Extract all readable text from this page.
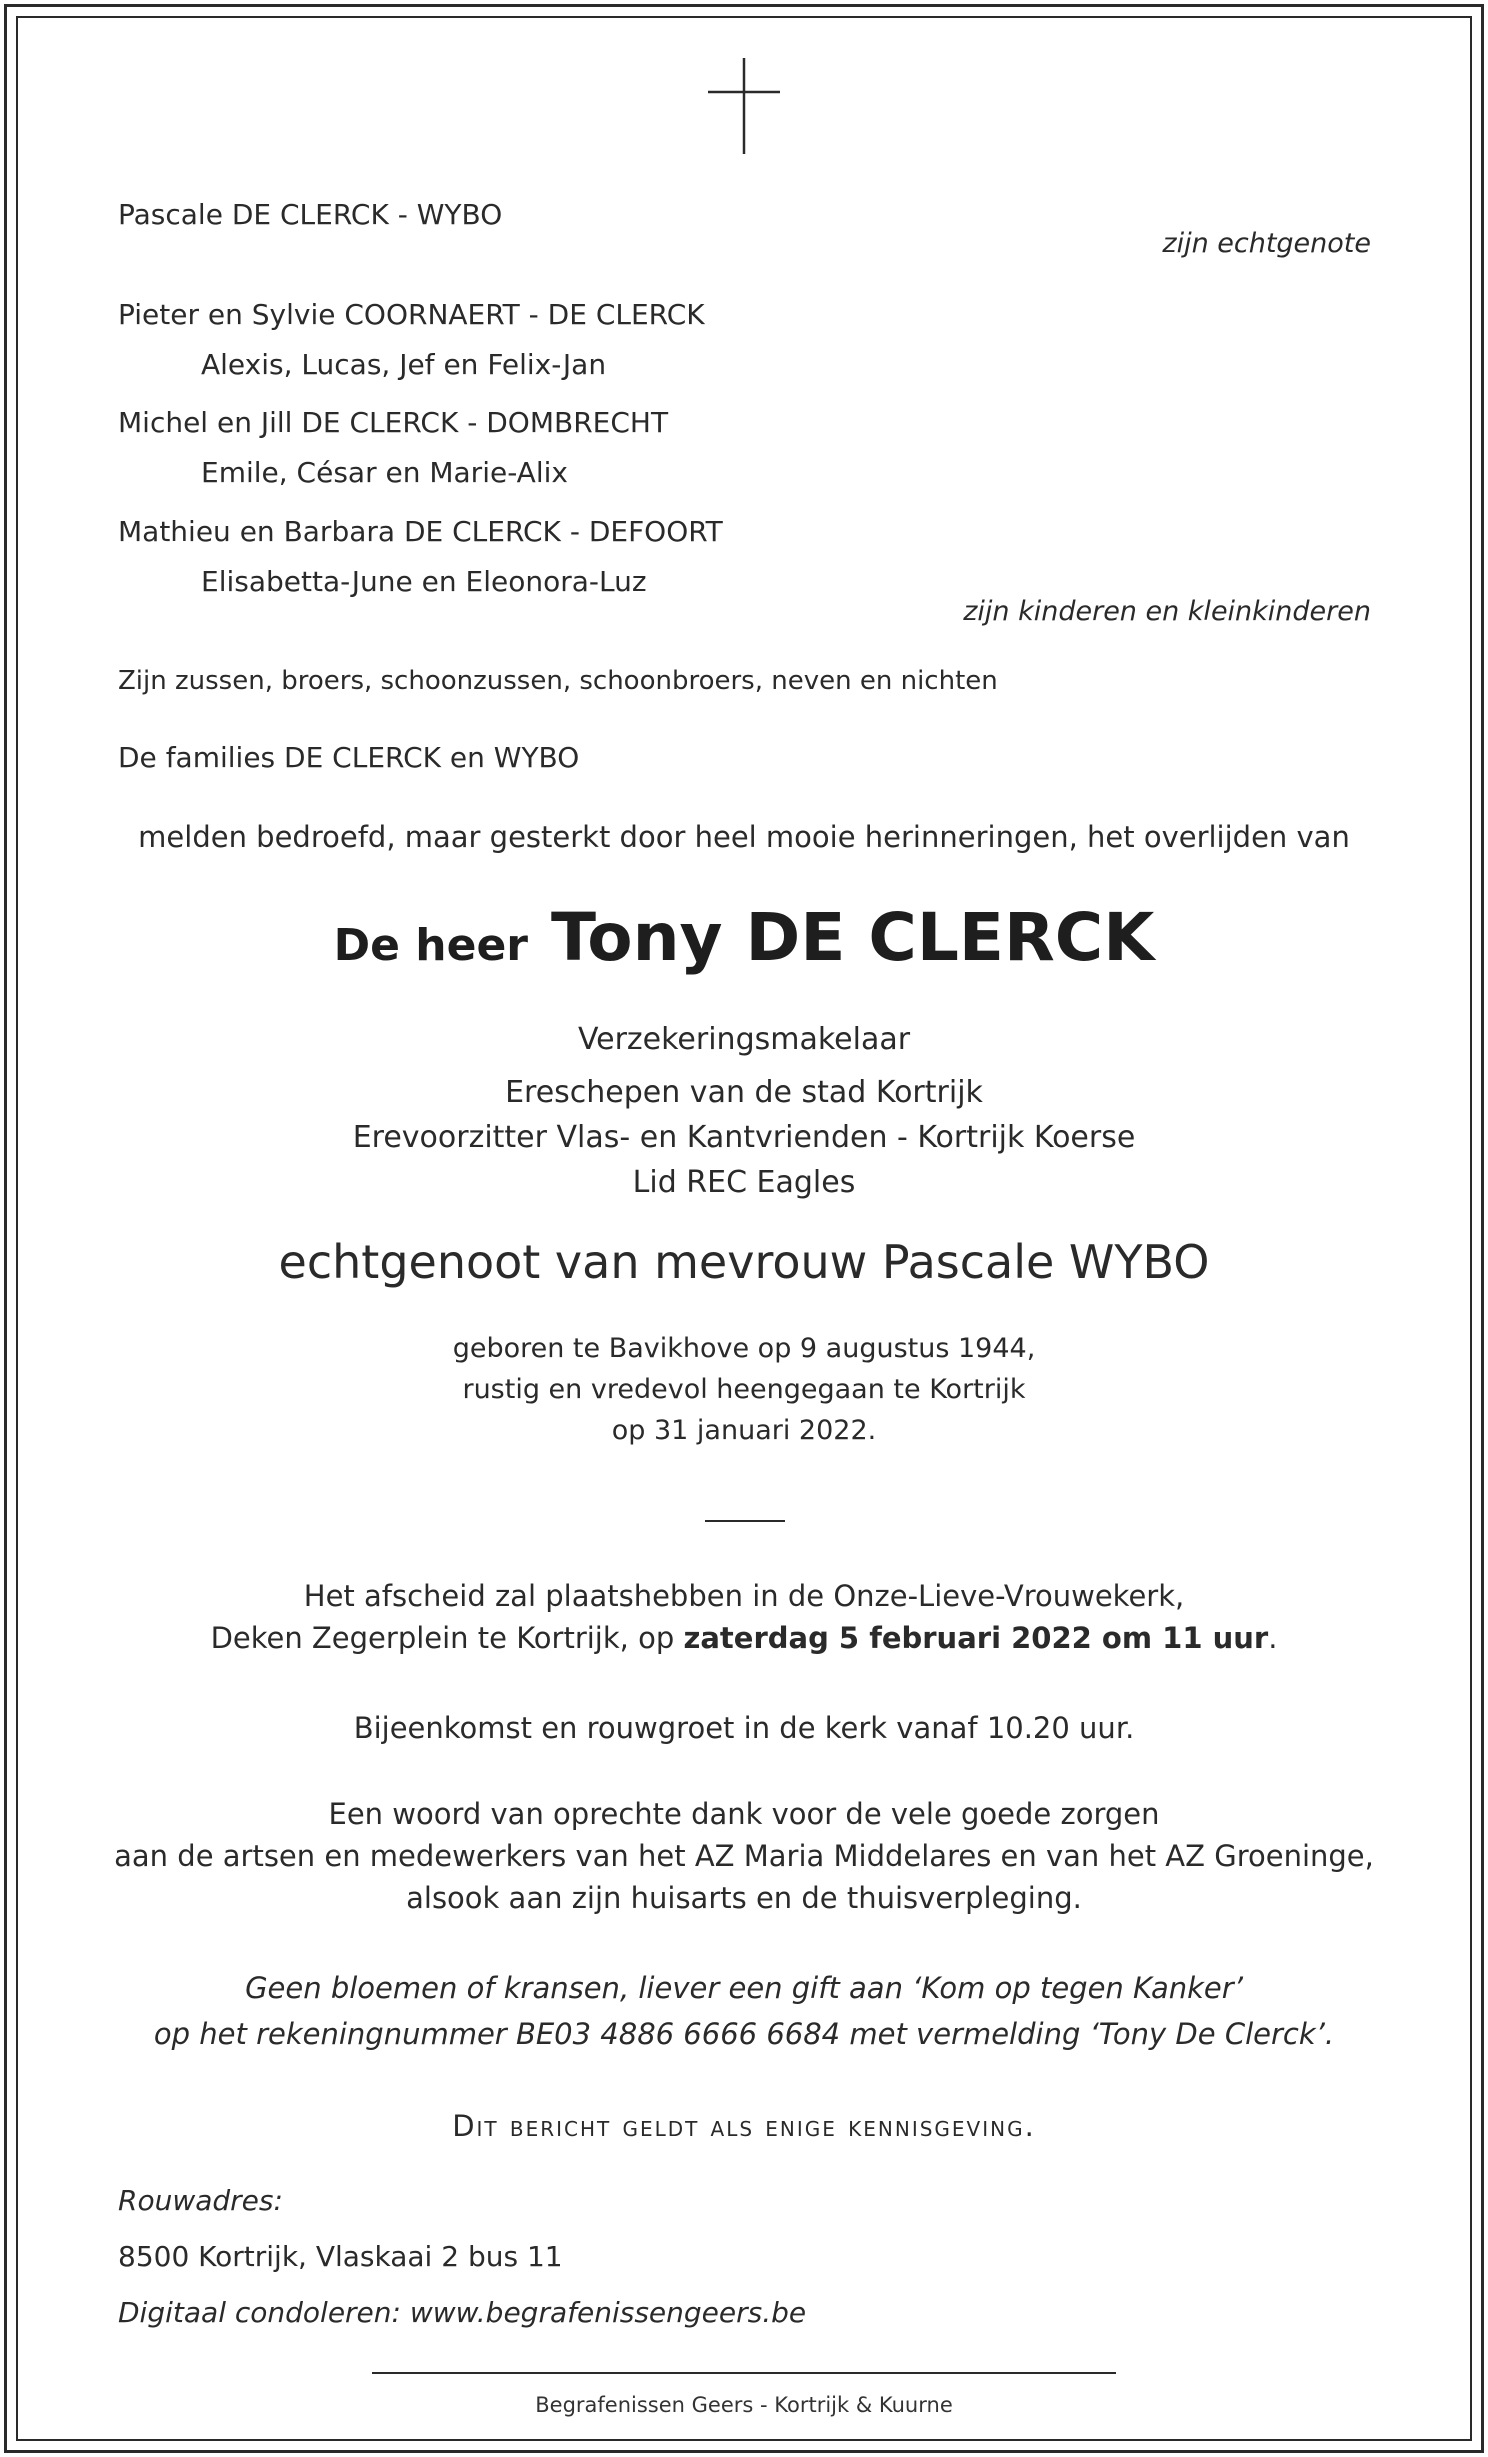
Pascale DE CLERCK - WYBO
zijn echtgenote
Pieter en Sylvie COORNAERT - DE CLERCK
Alexis, Lucas, Jef en Felix-Jan
Michel en Jill DE CLERCK - DOMBRECHT
Emile, César en Marie-Alix
Mathieu en Barbara DE CLERCK - DEFOORT
Elisabetta-June en Eleonora-Luz
zijn kinderen en kleinkinderen
Zijn zussen, broers, schoonzussen, schoonbroers, neven en nichten
De families DE CLERCK en WYBO
melden bedroefd, maar gesterkt door heel mooie herinneringen, het overlijden van
De heer Tony DE CLERCK
Verzekeringsmakelaar
Ereschepen van de stad Kortrijk
Erevoorzitter Vlas- en Kantvrienden - Kortrijk Koerse
Lid REC Eagles
echtgenoot van mevrouw Pascale WYBO
geboren te Bavikhove op 9 augustus 1944,
rustig en vredevol heengegaan te Kortrijk
op 31 januari 2022.
Het afscheid zal plaatshebben in de Onze-Lieve-Vrouwekerk,
Deken Zegerplein te Kortrijk, op zaterdag 5 februari 2022 om 11 uur.
Bijeenkomst en rouwgroet in de kerk vanaf 10.20 uur.
Een woord van oprechte dank voor de vele goede zorgen
aan de artsen en medewerkers van het AZ Maria Middelares en van het AZ Groeninge,
alsook aan zijn huisarts en de thuisverpleging.
Geen bloemen of kransen, liever een gift aan ‘Kom op tegen Kanker’
op het rekeningnummer BE03 4886 6666 6684 met vermelding ‘Tony De Clerck’.
Dit bericht geldt als enige kennisgeving.
Rouwadres:
8500 Kortrijk, Vlaskaai 2 bus 11
Digitaal condoleren: www.begrafenissengeers.be
Begrafenissen Geers - Kortrijk & Kuurne
